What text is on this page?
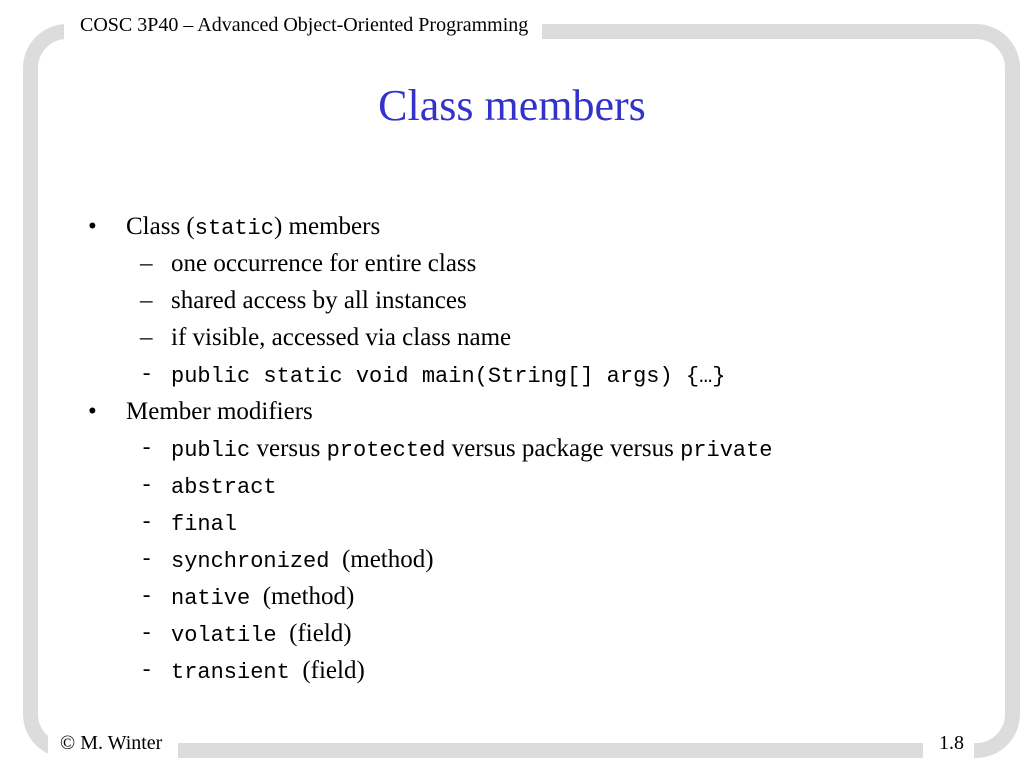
COSC 3P40 – Advanced Object-Oriented Programming
Class members
• Class (static) members
– one occurrence for entire class
– shared access by all instances
– if visible, accessed via class name
- public static void main(String[] args) {…}
• Member modifiers
- public versus protected versus package versus private
- abstract
- final
- synchronized  (method)
- native  (method)
- volatile  (field)
- transient  (field)
© M. Winter	1.8
